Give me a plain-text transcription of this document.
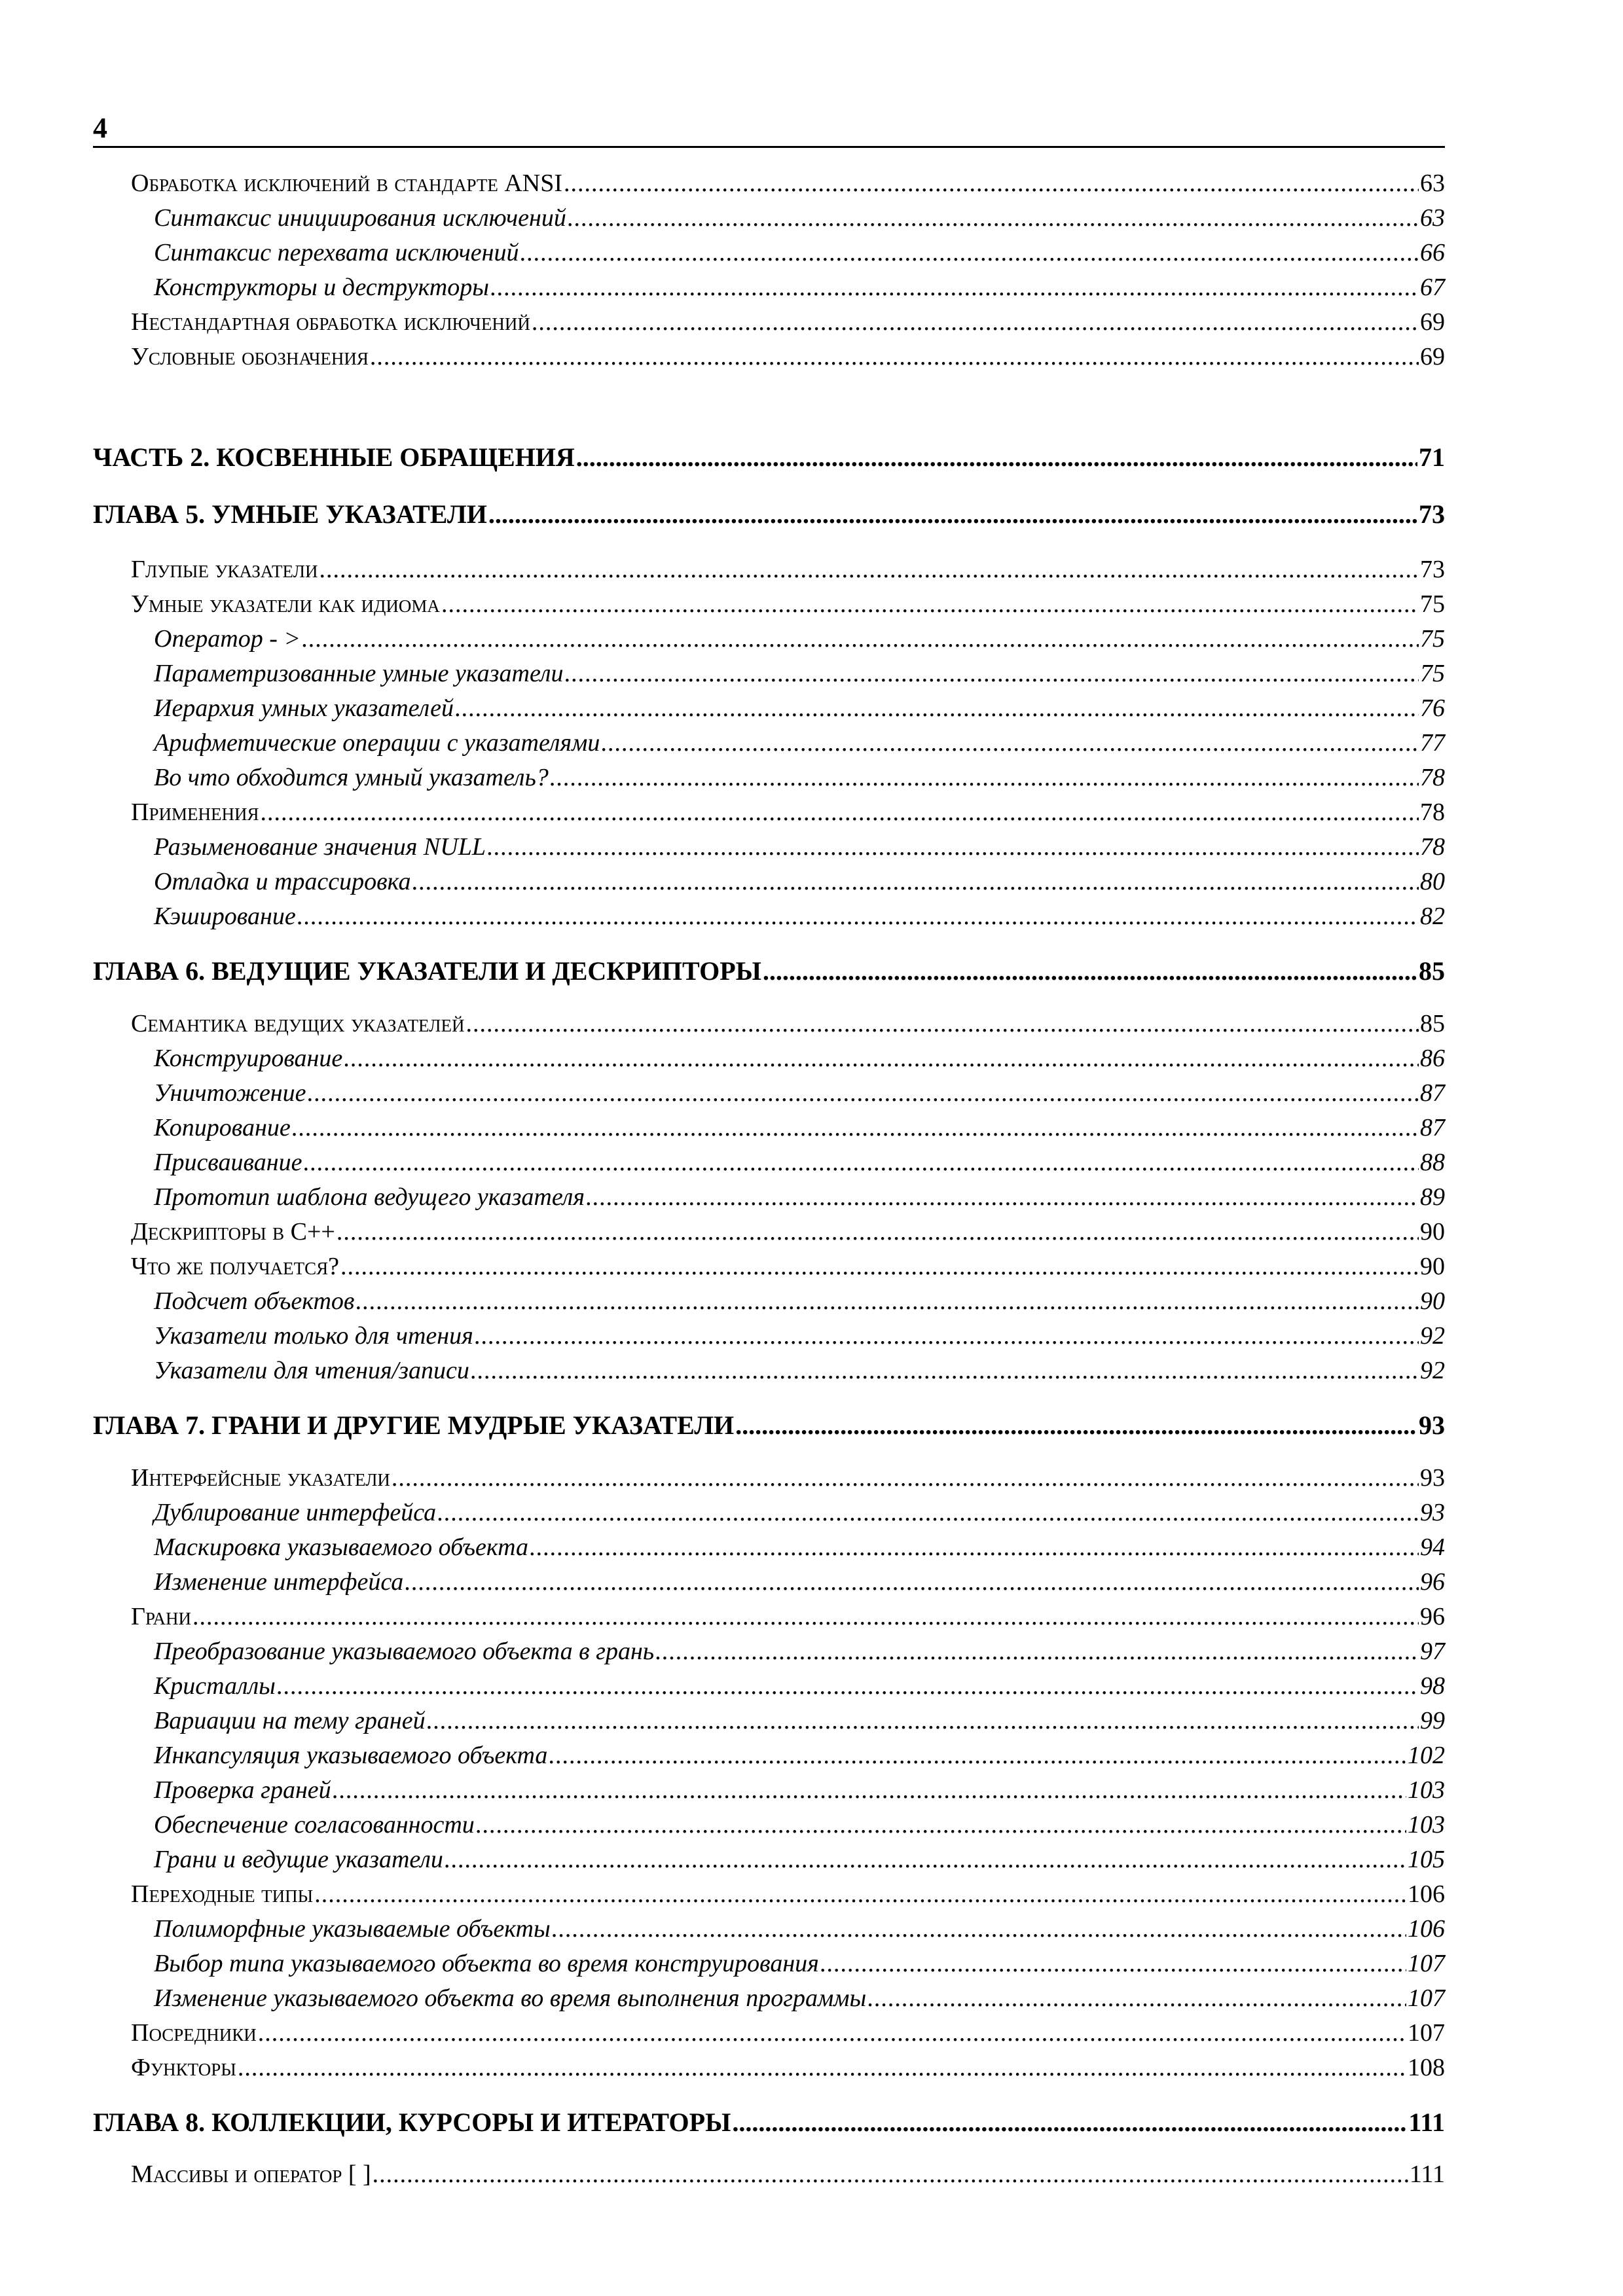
4
Обработка исключений в стандарте ANSI .....	63
Синтаксис инициирования исключений .....	63
Синтаксис перехвата исключений .....	66
Конструкторы и деструкторы .....	67
Нестандартная обработка исключений .....	69
Условные обозначения .....	69
ЧАСТЬ 2. КОСВЕННЫЕ ОБРАЩЕНИЯ .....	71
ГЛАВА 5. УМНЫЕ УКАЗАТЕЛИ .....	73
Глупые указатели .....	73
Умные указатели как идиома .....	75
Оператор - > .....	75
Параметризованные умные указатели .....	75
Иерархия умных указателей .....	76
Арифметические операции с указателями .....	77
Во что обходится умный указатель? .....	78
Применения .....	78
Разыменование значения NULL .....	78
Отладка и трассировка .....	80
Кэширование .....	82
ГЛАВА 6. ВЕДУЩИЕ УКАЗАТЕЛИ И ДЕСКРИПТОРЫ .....	85
Семантика ведущих указателей .....	85
Конструирование .....	86
Уничтожение .....	87
Копирование .....	87
Присваивание .....	88
Прототип шаблона ведущего указателя .....	89
Дескрипторы в C++ .....	90
Что же получается? .....	90
Подсчет объектов .....	90
Указатели только для чтения .....	92
Указатели для чтения/записи .....	92
ГЛАВА 7. ГРАНИ И ДРУГИЕ МУДРЫЕ УКАЗАТЕЛИ .....	93
Интерфейсные указатели .....	93
Дублирование интерфейса .....	93
Маскировка указываемого объекта .....	94
Изменение интерфейса .....	96
Грани .....	96
Преобразование указываемого объекта в грань .....	97
Кристаллы .....	98
Вариации на тему граней .....	99
Инкапсуляция указываемого объекта .....	102
Проверка граней .....	103
Обеспечение согласованности .....	103
Грани и ведущие указатели .....	105
Переходные типы .....	106
Полиморфные указываемые объекты .....	106
Выбор типа указываемого объекта во время конструирования .....	107
Изменение указываемого объекта во время выполнения программы .....	107
Посредники .....	107
Функторы .....	108
ГЛАВА 8. КОЛЛЕКЦИИ, КУРСОРЫ И ИТЕРАТОРЫ .....	111
Массивы и оператор [ ] .....	111
